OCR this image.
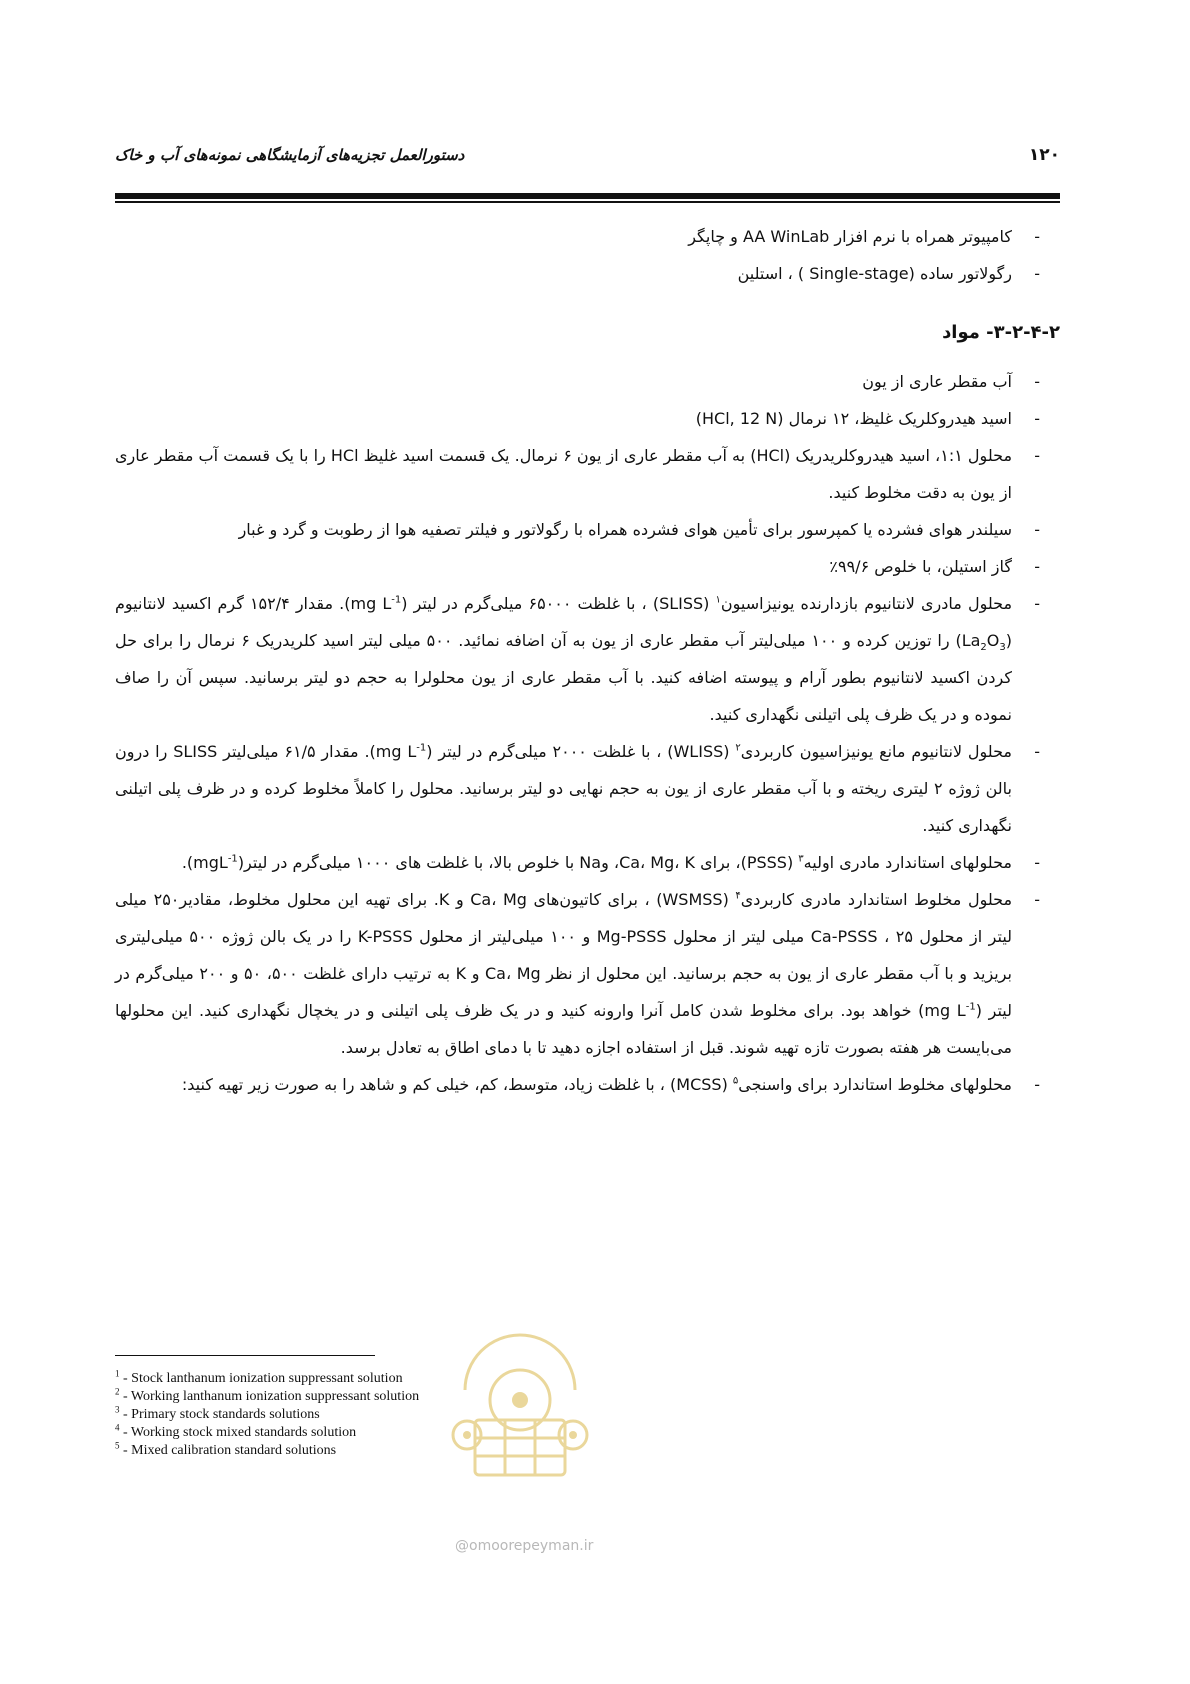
دستورالعمل تجزیه‌های آزمایشگاهی نمونه‌های آب و خاک	۱۲۰
-
کامپیوتر همراه با نرم افزار AA WinLab و چاپگر
-
رگولاتور ساده (Single-stage ) ، استلین
۳-۲-۴-۲- مواد
-
آب مقطر عاری از یون
-
اسید هیدروکلریک غلیظ، ۱۲ نرمال (HCl, 12 N)
-
محلول ۱:۱، اسید هیدروکلریدریک (HCl) به آب مقطر عاری از یون ۶ نرمال. یک قسمت اسید غلیظ HCl را با یک قسمت آب مقطر عاری از یون به دقت مخلوط کنید.
-
سیلندر هوای فشرده یا کمپرسور برای تأمین هوای فشرده همراه با رگولاتور و فیلتر تصفیه هوا از رطوبت و گرد و غبار
-
گاز استیلن، با خلوص ۹۹/۶٪
-
محلول مادری لانتانیوم بازدارنده یونیزاسیون$^۱$ (SLISS) ، با غلظت ۶۵۰۰۰ میلی‌گرم در لیتر (mg $L^{-1}$). مقدار ۱۵۲/۴ گرم اکسید لانتانیوم $(La_2O_3)$ را توزین کرده و ۱۰۰ میلی‌لیتر آب مقطر عاری از یون به آن اضافه نمائید. ۵۰۰ میلی لیتر اسید کلریدریک ۶ نرمال را برای حل کردن اکسید لانتانیوم بطور آرام و پیوسته اضافه کنید. با آب مقطر عاری از یون محلولرا به حجم دو لیتر برسانید. سپس آن را صاف نموده و در یک ظرف پلی اتیلنی نگهداری کنید.
-
محلول لانتانیوم مانع یونیزاسیون کاربردی$^۲$ (WLISS) ، با غلظت ۲۰۰۰ میلی‌گرم در لیتر (mg $L^{-1}$). مقدار ۶۱/۵ میلی‌لیتر SLISS را درون بالن ژوژه ۲ لیتری ریخته و با آب مقطر عاری از یون به حجم نهایی دو لیتر برسانید. محلول را کاملاً مخلوط کرده و در ظرف پلی اتیلنی نگهداری کنید.
-
محلولهای استاندارد مادری اولیه$^۳$ (PSSS)، برای Ca، Mg، K، وNa با خلوص بالا، با غلظت های ۱۰۰۰ میلی‌گرم در لیتر(mgL$^{-1}$).
-
محلول مخلوط استاندارد مادری کاربردی$^۴$ (WSMSS) ، برای کاتیون‌های Ca، Mg و K. برای تهیه این محلول مخلوط، مقادیر۲۵۰ میلی لیتر از محلول Ca-PSSS ، ۲۵ میلی لیتر از محلول Mg-PSSS و ۱۰۰ میلی‌لیتر از محلول K-PSSS را در یک بالن ژوژه ۵۰۰ میلی‌لیتری بریزید و با آب مقطر عاری از یون به حجم برسانید. این محلول از نظر Ca، Mg و K به ترتیب دارای غلظت ۵۰۰، ۵۰ و ۲۰۰ میلی‌گرم در لیتر (mg $L^{-1}$) خواهد بود. برای مخلوط شدن کامل آنرا وارونه کنید و در یک ظرف پلی اتیلنی و در یخچال نگهداری کنید. این محلولها می‌بایست هر هفته بصورت تازه تهیه شوند. قبل از استفاده اجازه دهید تا با دمای اطاق به تعادل برسد.
-
محلولهای مخلوط استاندارد برای واسنجی$^۵$ (MCSS) ، با غلظت زیاد، متوسط، کم، خیلی کم و شاهد را به صورت زیر تهیه کنید:
@omoorepeyman.ir
$^1$ - Stock lanthanum ionization suppressant solution
$^2$ - Working lanthanum ionization suppressant solution
$^3$ - Primary stock standards solutions
$^4$ - Working stock mixed standards solution
$^5$ - Mixed calibration standard solutions
